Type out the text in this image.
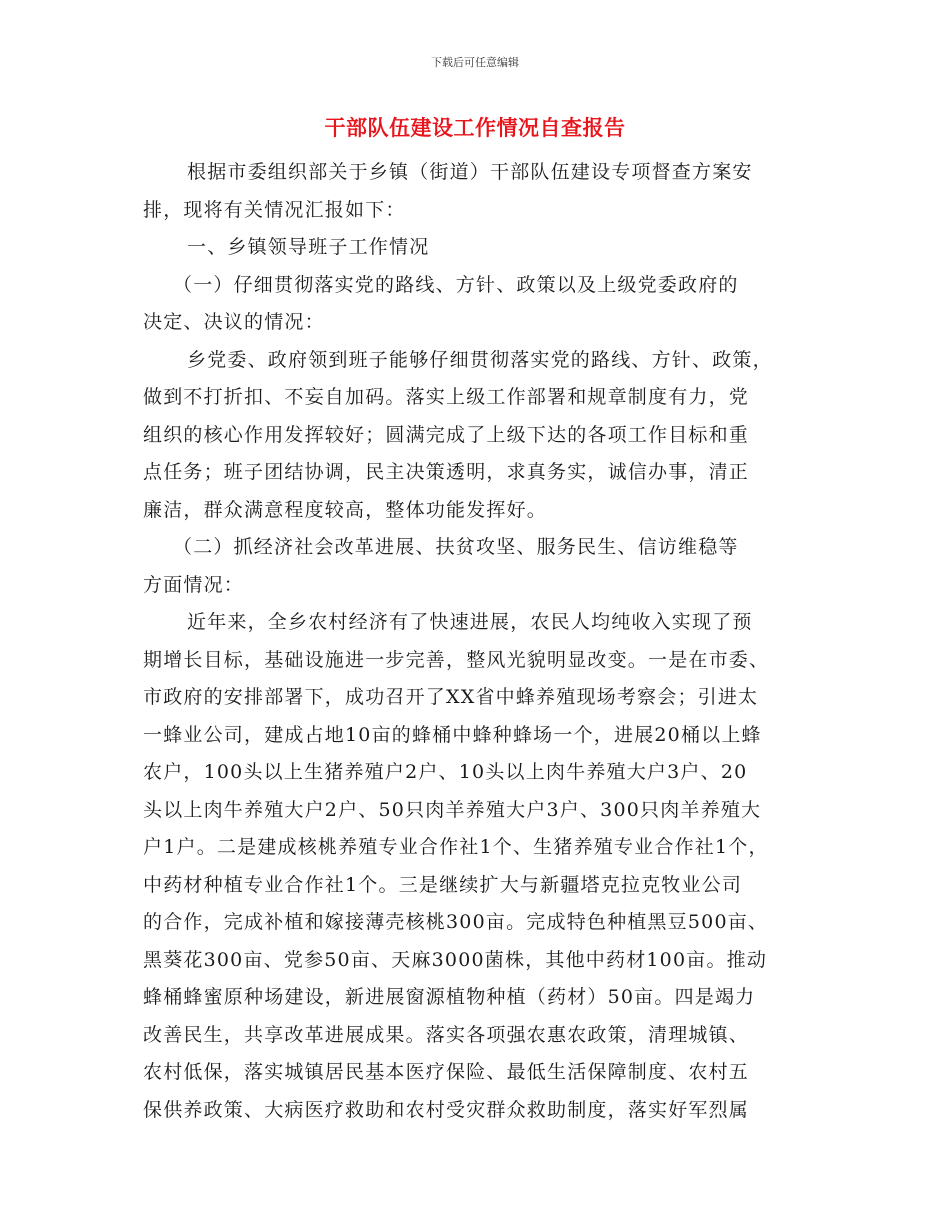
下载后可任意编辑
干部队伍建设工作情况自查报告
根据市委组织部关于乡镇（街道）干部队伍建设专项督查方案安
排，现将有关情况汇报如下：
一、乡镇领导班子工作情况
（一）仔细贯彻落实党的路线、方针、政策以及上级党委政府的
决定、决议的情况：
乡党委、政府领到班子能够仔细贯彻落实党的路线、方针、政策，
做到不打折扣、不妄自加码。落实上级工作部署和规章制度有力，党
组织的核心作用发挥较好；圆满完成了上级下达的各项工作目标和重
点任务；班子团结协调，民主决策透明，求真务实，诚信办事，清正
廉洁，群众满意程度较高，整体功能发挥好。
（二）抓经济社会改革进展、扶贫攻坚、服务民生、信访维稳等
方面情况：
近年来，全乡农村经济有了快速进展，农民人均纯收入实现了预
期增长目标，基础设施进一步完善，整风光貌明显改变。一是在市委、
市政府的安排部署下，成功召开了XX省中蜂养殖现场考察会；引进太
一蜂业公司，建成占地10亩的蜂桶中蜂种蜂场一个，进展20桶以上蜂
农户，100头以上生猪养殖户2户、10头以上肉牛养殖大户3户、20
头以上肉牛养殖大户2户、50只肉羊养殖大户3户、300只肉羊养殖大
户1户。二是建成核桃养殖专业合作社1个、生猪养殖专业合作社1个，
中药材种植专业合作社1个。三是继续扩大与新疆塔克拉克牧业公司
的合作，完成补植和嫁接薄壳核桃300亩。完成特色种植黑豆500亩、
黑葵花300亩、党参50亩、天麻3000菌株，其他中药材100亩。推动
蜂桶蜂蜜原种场建设，新进展窗源植物种植（药材）50亩。四是竭力
改善民生，共享改革进展成果。落实各项强农惠农政策，清理城镇、
农村低保，落实城镇居民基本医疗保险、最低生活保障制度、农村五
保供养政策、大病医疗救助和农村受灾群众救助制度，落实好军烈属
